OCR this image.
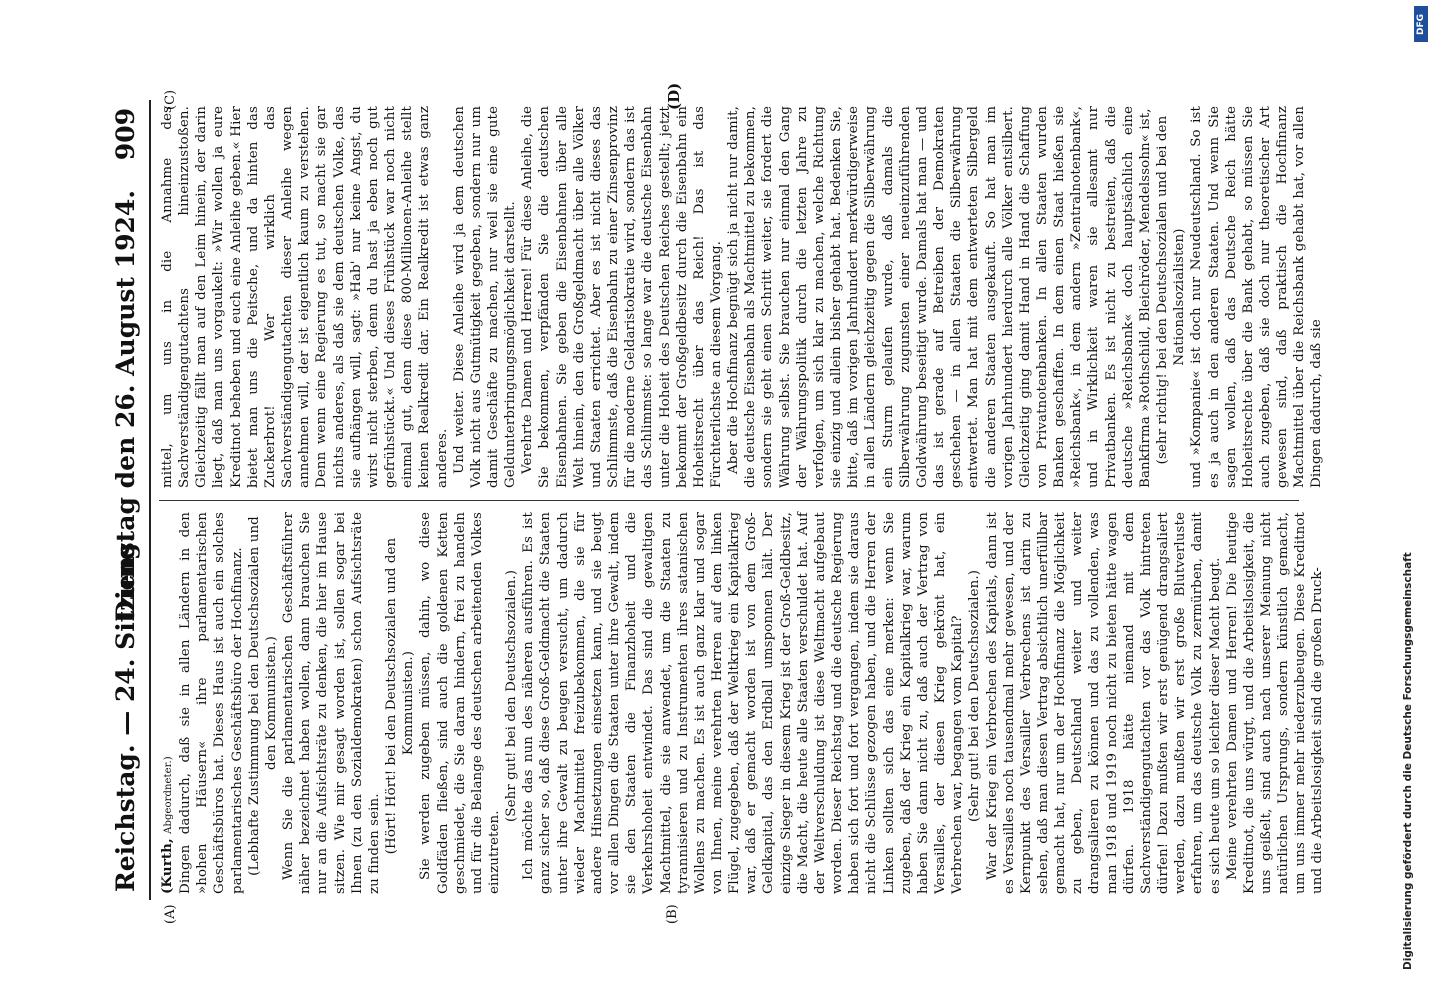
Reichstag. — 24. Sitzung.
Dienstag den 26. August 1924.
909
(A)	(B)
(C)	(D)

(Kurth, Abgeordneter.) Dingen dadurch, daß sie in allen Ländern in den »hohen Häusern« ihre parlamentarischen Geschäftsbüros hat. Dieses Haus ist auch ein solches parlamentarisches Geschäftsbüro der Hochfinanz. (Lebhafte Zustimmung bei den Deutschsozialen und den Kommunisten.) Wenn Sie die parlamentarischen Geschäftsführer näher bezeichnet haben wollen, dann brauchen Sie nur an die Aufsichtsräte zu denken, die hier im Hause sitzen. Wie mir gesagt worden ist, sollen sogar bei Ihnen (zu den Sozialdemokraten) schon Aufsichtsräte zu finden sein. (Hört! Hört! bei den Deutschsozialen und den Kommunisten.) Sie werden zugeben müssen, dahin, wo diese Goldfäden fließen, sind auch die goldenen Ketten geschmiedet, die Sie daran hindern, frei zu handeln und für die Belange des deutschen arbeitenden Volkes einzutreten.

(Sehr gut! bei den Deutschsozialen.) Ich möchte das nun des näheren ausführen. Es ist ganz sicher so, daß diese Groß-Geldmacht die Staaten unter ihre Gewalt zu beugen versucht, um dadurch wieder Machtmittel freizubekommen, die sie für andere Hinsetzungen einsetzen kann, und sie beugt vor allen Dingen die Staaten unter ihre Gewalt, indem sie den Staaten die Finanzhoheit und die Verkehrshoheit entwindet. Das sind die gewaltigen Machtmittel, die sie anwendet, um die Staaten zu tyrannisieren und zu Instrumenten ihres satanischen Wollens zu machen. Es ist auch ganz klar und sogar von Ihnen, meine verehrten Herren auf dem linken Flügel, zugegeben, daß der Weltkrieg ein Kapitalkrieg war, daß er gemacht worden ist von dem Groß-Geldkapital, das den Erdball umsponnen hält. Der einzige Sieger in diesem Krieg ist der Groß-Geldbesitz, die Macht, die heute alle Staaten verschuldet hat. Auf der Weltverschuldung ist diese Weltmacht aufgebaut worden. Dieser Reichstag und die deutsche Regierung haben sich fort und fort vergangen, indem sie daraus nicht die Schlüsse gezogen haben, und die Herren der Linken sollten sich das eine merken: wenn Sie zugeben, daß der Krieg ein Kapitalkrieg war, warum haben Sie dann nicht zu, daß auch der Vertrag von Versailles, der diesen Krieg gekrönt hat, ein Verbrechen war, begangen vom Kapital? (Sehr gut! bei den Deutschsozialen.) War der Krieg ein Verbrechen des Kapitals, dann ist es Versailles noch tausendmal mehr gewesen, und der Kernpunkt des Versailler Verbrechens ist darin zu sehen, daß man diesen Vertrag absichtlich unerfüllbar gemacht hat, nur um der Hochfinanz die Möglichkeit zu geben, Deutschland weiter und weiter drangsalieren zu können und das zu vollenden, was man 1918 und 1919 noch nicht zu bieten hätte wagen dürfen. 1918 hätte niemand mit dem Sachverständigengutachten vor das Volk hintreten dürfen! Dazu mußten wir erst genügend drangsaliert werden, dazu mußten wir erst große Blutverluste erfahren, um das deutsche Volk zu zermürben, damit es sich heute um so leichter dieser Macht beugt. Meine verehrten Damen und Herren! Die heutige Kreditnot, die uns würgt, und die Arbeitslosigkeit, die uns geißelt, sind auch nach unserer Meinung nicht natürlichen Ursprungs, sondern künstlich gemacht, um uns immer mehr niederzubeugen. Diese Kreditnot und die Arbeitslosigkeit sind die großen Druck-

mittel, um uns in die Annahme des Sachverständigengutachtens hineinzustoßen. Gleichzeitig fällt man auf den Leim hinein, der darin liegt, daß man uns vorgaukelt: »Wir wollen ja eure Kreditnot beheben und euch eine Anleihe geben.« Hier bietet man uns die Peitsche, und da hinten das Zuckerbrot! Wer wirklich das Sachverständigengutachten dieser Anleihe wegen annehmen will, der ist eigentlich kaum zu verstehen. Denn wenn eine Regierung es tut, so macht sie gar nichts anderes, als daß sie dem deutschen Volke, das sie aufhängen will, sagt: »Hab' nur keine Angst, du wirst nicht sterben, denn du hast ja eben noch gut gefrühstückt.« Und dieses Frühstück war noch nicht einmal gut, denn diese 800-Millionen-Anleihe stellt keinen Realkredit dar. Ein Realkredit ist etwas ganz anderes. Und weiter. Diese Anleihe wird ja dem deutschen Volk nicht aus Gutmütigkeit gegeben, sondern nur um damit Geschäfte zu machen, nur weil sie eine gute Geldunterbringungsmöglichkeit darstellt. Verehrte Damen und Herren! Für diese Anleihe, die Sie bekommen, verpfänden Sie die deutschen Eisenbahnen. Sie geben die Eisenbahnen über alle Welt hinein, den die Großgeldmacht über alle Völker und Staaten errichtet. Aber es ist nicht dieses das Schlimmste, daß die Eisenbahn zu einer Zinsenprovinz für die moderne Geldaristokratie wird, sondern das ist das Schlimmste: so lange war die deutsche Eisenbahn unter die Hoheit des Deutschen Reiches gestellt; jetzt bekommt der Großgeldbesitz durch die Eisenbahn ein Hoheitsrecht über das Reich! Das ist das Fürchterlichste an diesem Vorgang. Aber die Hochfinanz begnügt sich ja nicht nur damit, die deutsche Eisenbahn als Machtmittel zu bekommen, sondern sie geht einen Schritt weiter, sie fordert die Währung selbst. Sie brauchen nur einmal den Gang der Währungspolitik durch die letzten Jahre zu verfolgen, um sich klar zu machen, welche Richtung sie einzig und allein bisher gehabt hat. Bedenken Sie, bitte, daß im vorigen Jahrhundert merkwürdigerweise in allen Ländern gleichzeitig gegen die Silberwährung ein Sturm gelaufen wurde, daß damals die Silberwährung zugunsten einer neueinzuführenden Goldwährung beseitigt wurde. Damals hat man — und das ist gerade auf Betreiben der Demokraten geschehen — in allen Staaten die Silberwährung entwertet. Man hat mit dem entwerteten Silbergeld die anderen Staaten ausgekauft. So hat man im vorigen Jahrhundert hierdurch alle Völker entsilbert. Gleichzeitig ging damit Hand in Hand die Schaffung von Privatnotenbanken. In allen Staaten wurden Banken geschaffen. In dem einen Staat hießen sie »Reichsbank«, in dem andern »Zentralnotenbank«, und in Wirklichkeit waren sie allesamt nur Privatbanken. Es ist nicht zu bestreiten, daß die deutsche »Reichsbank« doch hauptsächlich eine Bankfirma »Rothschild, Bleichröder, Mendelssohn« ist, (sehr richtig! bei den Deutschsozialen und bei den Nationalsozialisten) und »Kompanie« ist doch nur Neudeutschland. So ist es ja auch in den anderen Staaten. Und wenn Sie sagen wollen, daß das Deutsche Reich hätte Hoheitsrechte über die Bank gehabt, so müssen Sie auch zugeben, daß sie doch nur theoretischer Art gewesen sind, daß praktisch die Hochfinanz Machtmittel über die Reichsbank gehabt hat, vor allen Dingen dadurch, daß sie

DFG
Digitalisierung gefördert durch die Deutsche Forschungsgemeinschaft
